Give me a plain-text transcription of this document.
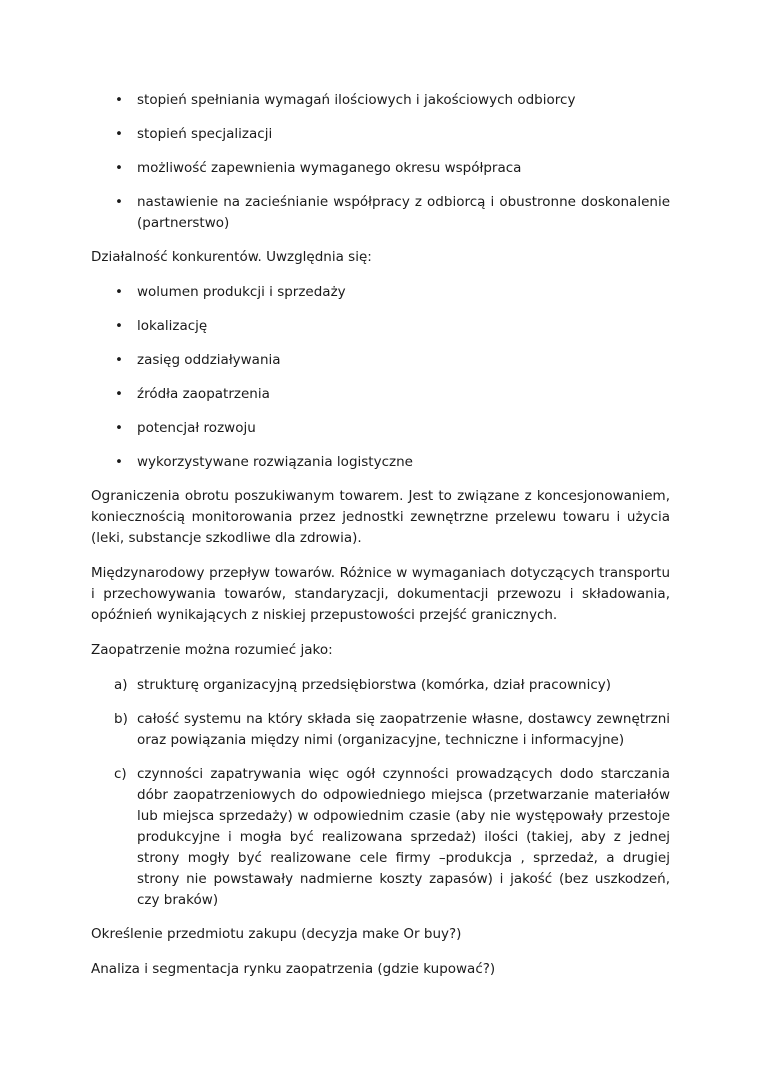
• stopień spełniania wymagań ilościowych i jakościowych odbiorcy
• stopień specjalizacji
• możliwość zapewnienia wymaganego okresu współpraca
• nastawienie na zacieśnianie współpracy z odbiorcą i obustronne doskonalenie (partnerstwo)

Działalność konkurentów. Uwzględnia się:

• wolumen produkcji i sprzedaży
• lokalizację
• zasięg oddziaływania
• źródła zaopatrzenia
• potencjał rozwoju
• wykorzystywane rozwiązania logistyczne

Ograniczenia obrotu poszukiwanym towarem. Jest to związane z koncesjonowaniem, koniecznością monitorowania przez jednostki zewnętrzne przelewu towaru i użycia (leki, substancje szkodliwe dla zdrowia).

Międzynarodowy przepływ towarów. Różnice w wymaganiach dotyczących transportu i przechowywania towarów, standaryzacji, dokumentacji przewozu i składowania, opóźnień wynikających z niskiej przepustowości przejść granicznych.

Zaopatrzenie można rozumieć jako:

a) strukturę organizacyjną przedsiębiorstwa (komórka, dział pracownicy)
b) całość systemu na który składa się zaopatrzenie własne, dostawcy zewnętrzni oraz powiązania między nimi (organizacyjne, techniczne i informacyjne)
c) czynności zapatrywania więc ogół czynności prowadzących dodo starczania dóbr zaopatrzeniowych do odpowiedniego miejsca (przetwarzanie materiałów lub miejsca sprzedaży) w odpowiednim czasie (aby nie występowały przestoje produkcyjne i mogła być realizowana sprzedaż) ilości (takiej, aby z jednej strony mogły być realizowane cele firmy –produkcja , sprzedaż, a drugiej strony nie powstawały nadmierne koszty zapasów) i jakość (bez uszkodzeń, czy braków)

Określenie przedmiotu zakupu (decyzja make Or buy?)

Analiza i segmentacja rynku zaopatrzenia (gdzie kupować?)
